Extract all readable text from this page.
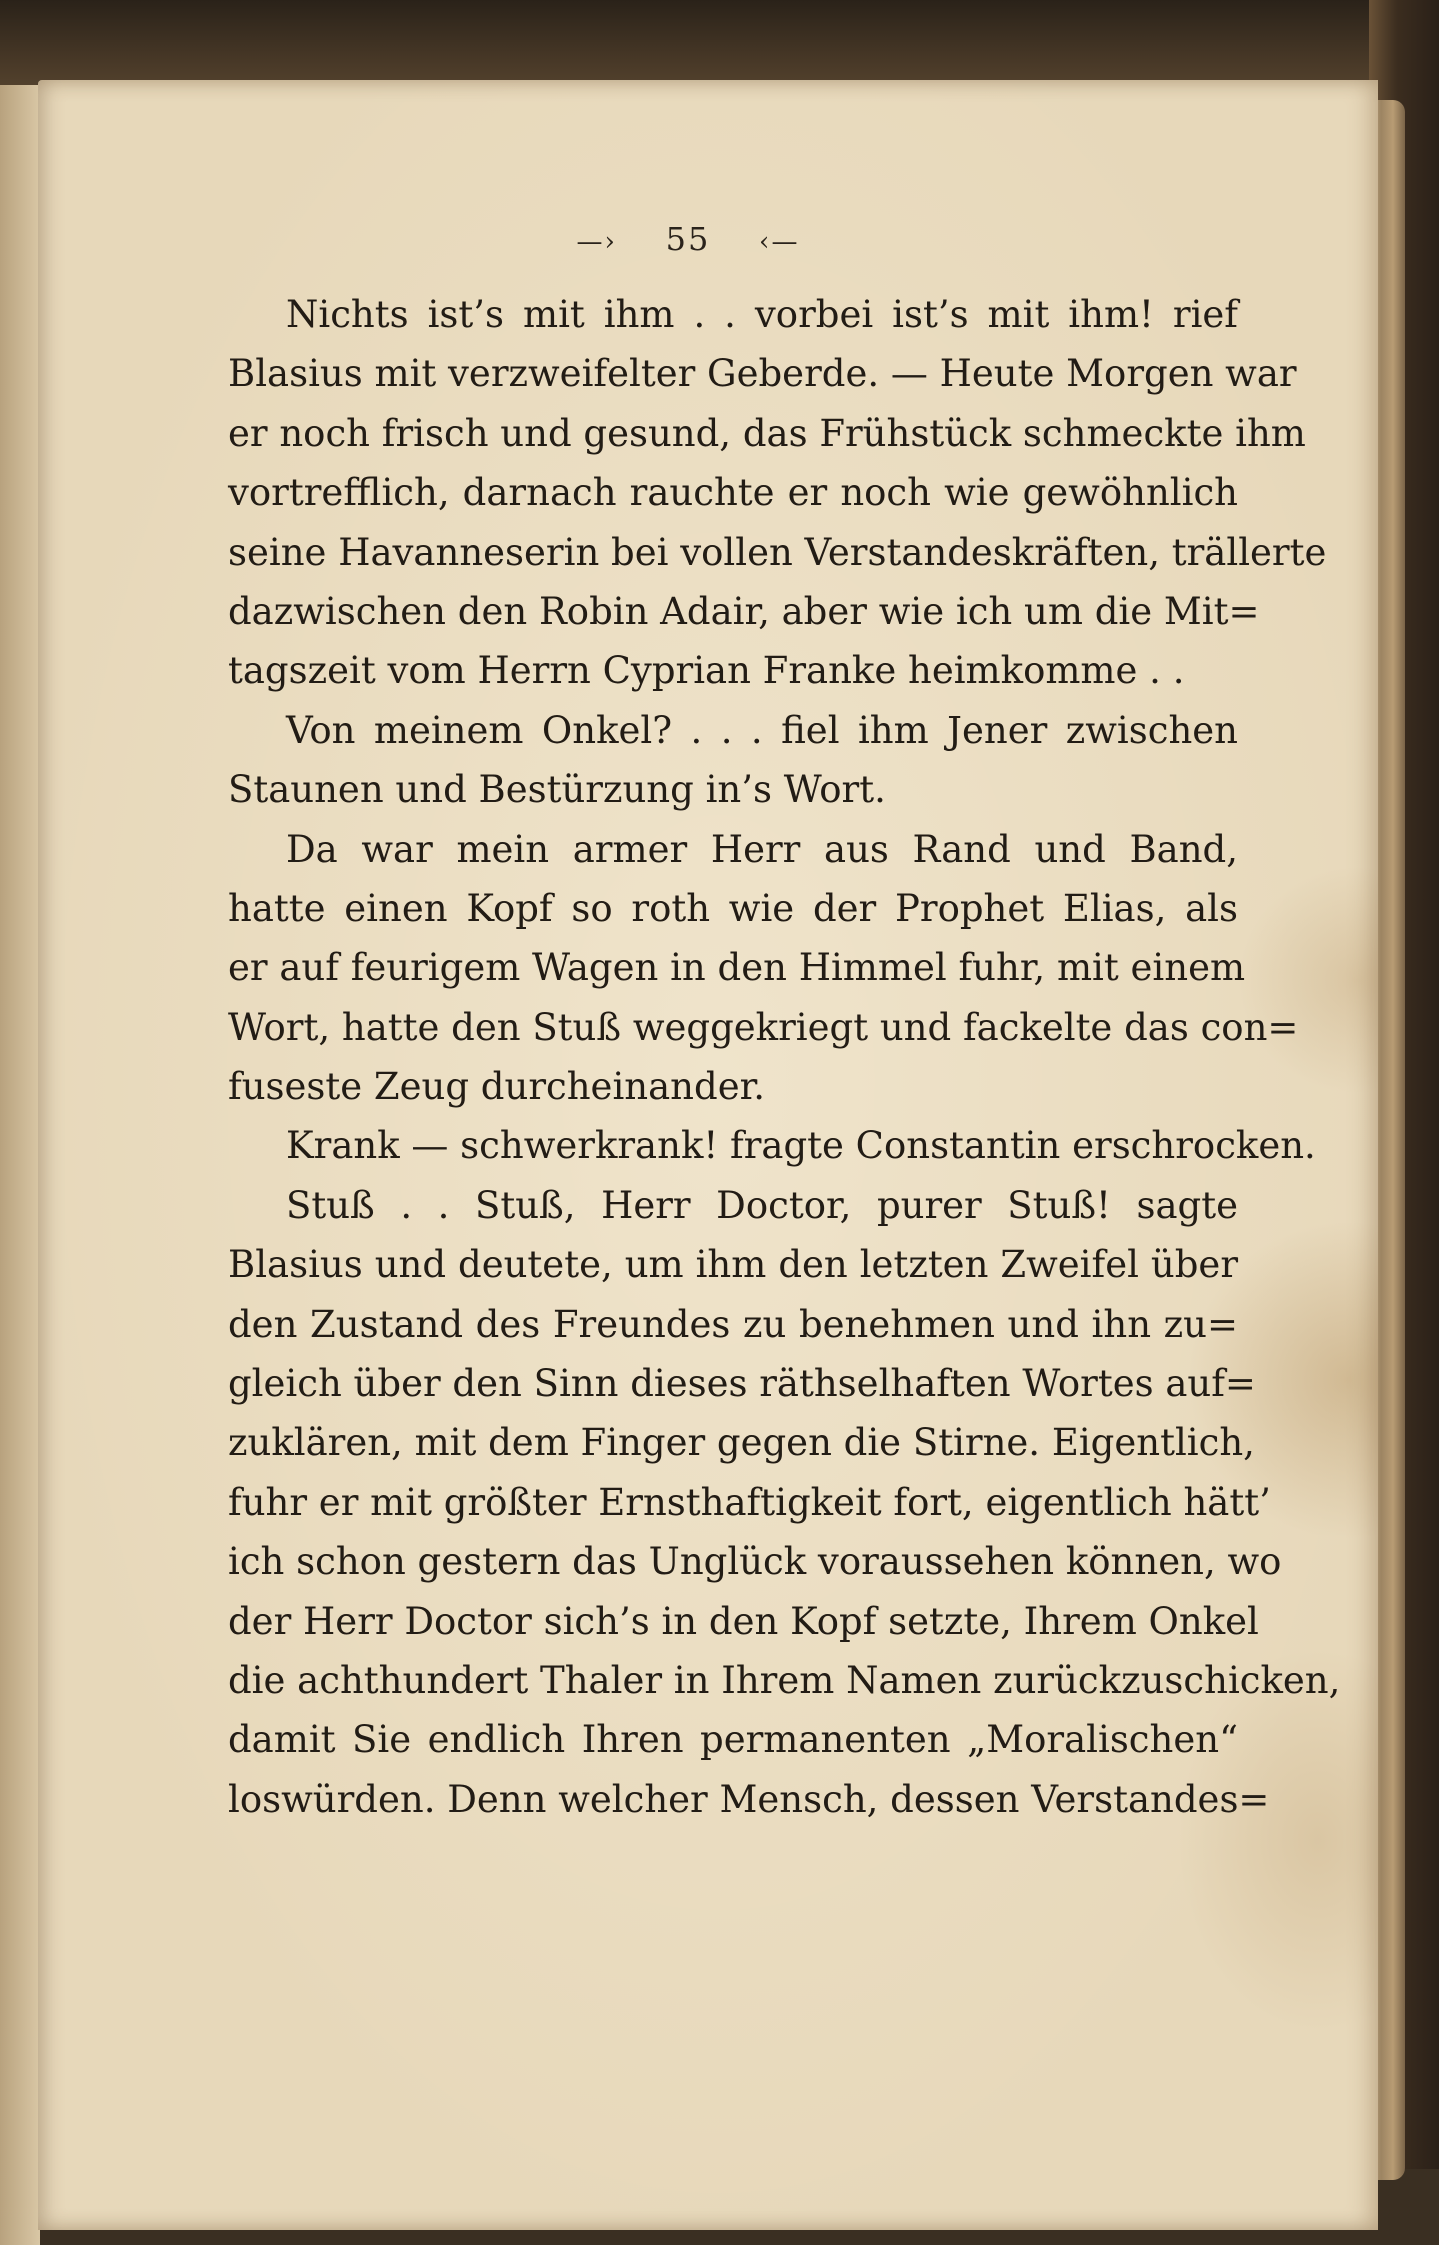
—› 55 ‹—
Nichts ist’s mit ihm . . vorbei ist’s mit ihm! rief
Blasius mit verzweifelter Geberde. — Heute Morgen war
er noch frisch und gesund, das Frühstück schmeckte ihm
vortrefflich, darnach rauchte er noch wie gewöhnlich
seine Havanneserin bei vollen Verstandeskräften, trällerte
dazwischen den Robin Adair, aber wie ich um die Mit=
tagszeit vom Herrn Cyprian Franke heimkomme . .
Von meinem Onkel? . . . fiel ihm Jener zwischen
Staunen und Bestürzung in’s Wort.
Da war mein armer Herr aus Rand und Band,
hatte einen Kopf so roth wie der Prophet Elias, als
er auf feurigem Wagen in den Himmel fuhr, mit einem
Wort, hatte den Stuß weggekriegt und fackelte das con=
fuseste Zeug durcheinander.
Krank — schwerkrank! fragte Constantin erschrocken.
Stuß . . Stuß, Herr Doctor, purer Stuß! sagte
Blasius und deutete, um ihm den letzten Zweifel über
den Zustand des Freundes zu benehmen und ihn zu=
gleich über den Sinn dieses räthselhaften Wortes auf=
zuklären, mit dem Finger gegen die Stirne. Eigentlich,
fuhr er mit größter Ernsthaftigkeit fort, eigentlich hätt’
ich schon gestern das Unglück voraussehen können, wo
der Herr Doctor sich’s in den Kopf setzte, Ihrem Onkel
die achthundert Thaler in Ihrem Namen zurückzuschicken,
damit Sie endlich Ihren permanenten „Moralischen“
loswürden. Denn welcher Mensch, dessen Verstandes=
